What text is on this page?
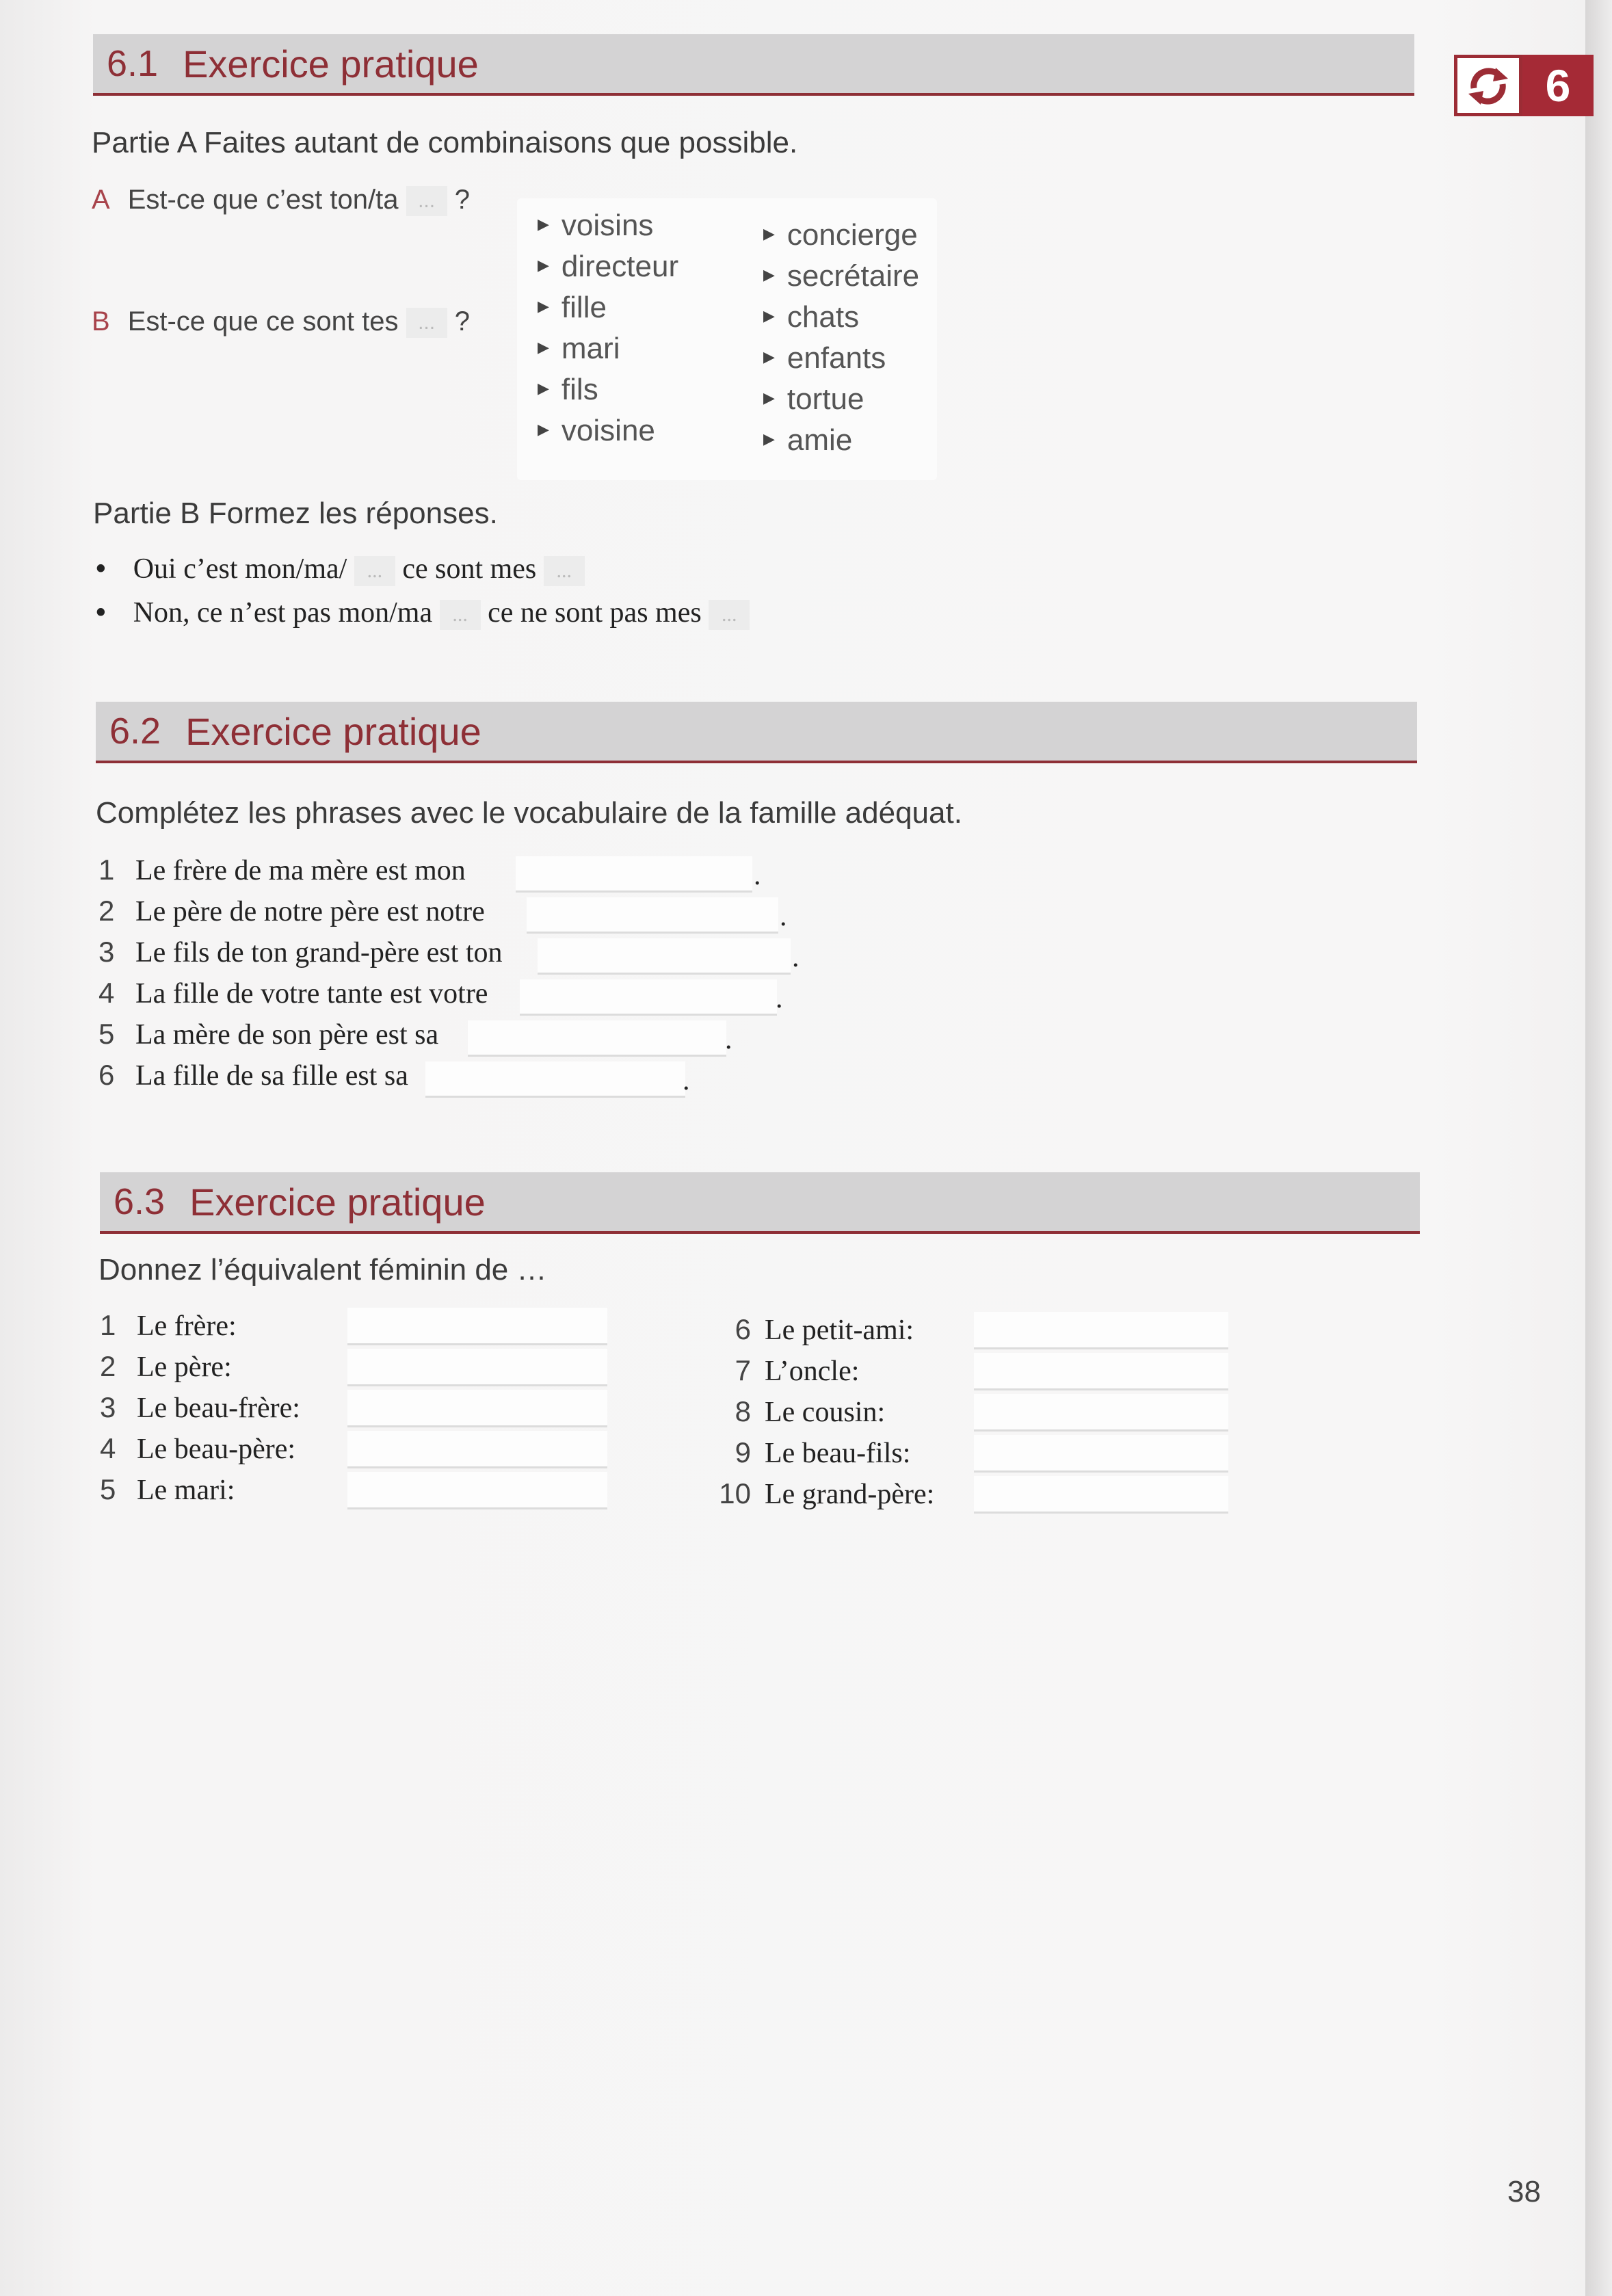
6
6.1 Exercice pratique
Partie A Faites autant de combinaisons que possible.
A Est-ce que c’est ton/ta ... ?
B Est-ce que ce sont tes ... ?
▶ voisins
▶ directeur
▶ fille
▶ mari
▶ fils
▶ voisine
▶ concierge
▶ secrétaire
▶ chats
▶ enfants
▶ tortue
▶ amie
Partie B Formez les réponses.
• Oui c’est mon/ma/ ... ce sont mes ...
• Non, ce n’est pas mon/ma ... ce ne sont pas mes ...
6.2 Exercice pratique
Complétez les phrases avec le vocabulaire de la famille adéquat.
1 Le frère de ma mère est mon	.
2 Le père de notre père est notre	.
3 Le fils de ton grand-père est ton	.
4 La fille de votre tante est votre	.
5 La mère de son père est sa	.
6 La fille de sa fille est sa	.
6.3 Exercice pratique
Donnez l’équivalent féminin de …
1 Le frère:
2 Le père:
3 Le beau-frère:
4 Le beau-père:
5 Le mari:
6 Le petit-ami:
7 L’oncle:
8 Le cousin:
9 Le beau-fils:
10 Le grand-père:
38
